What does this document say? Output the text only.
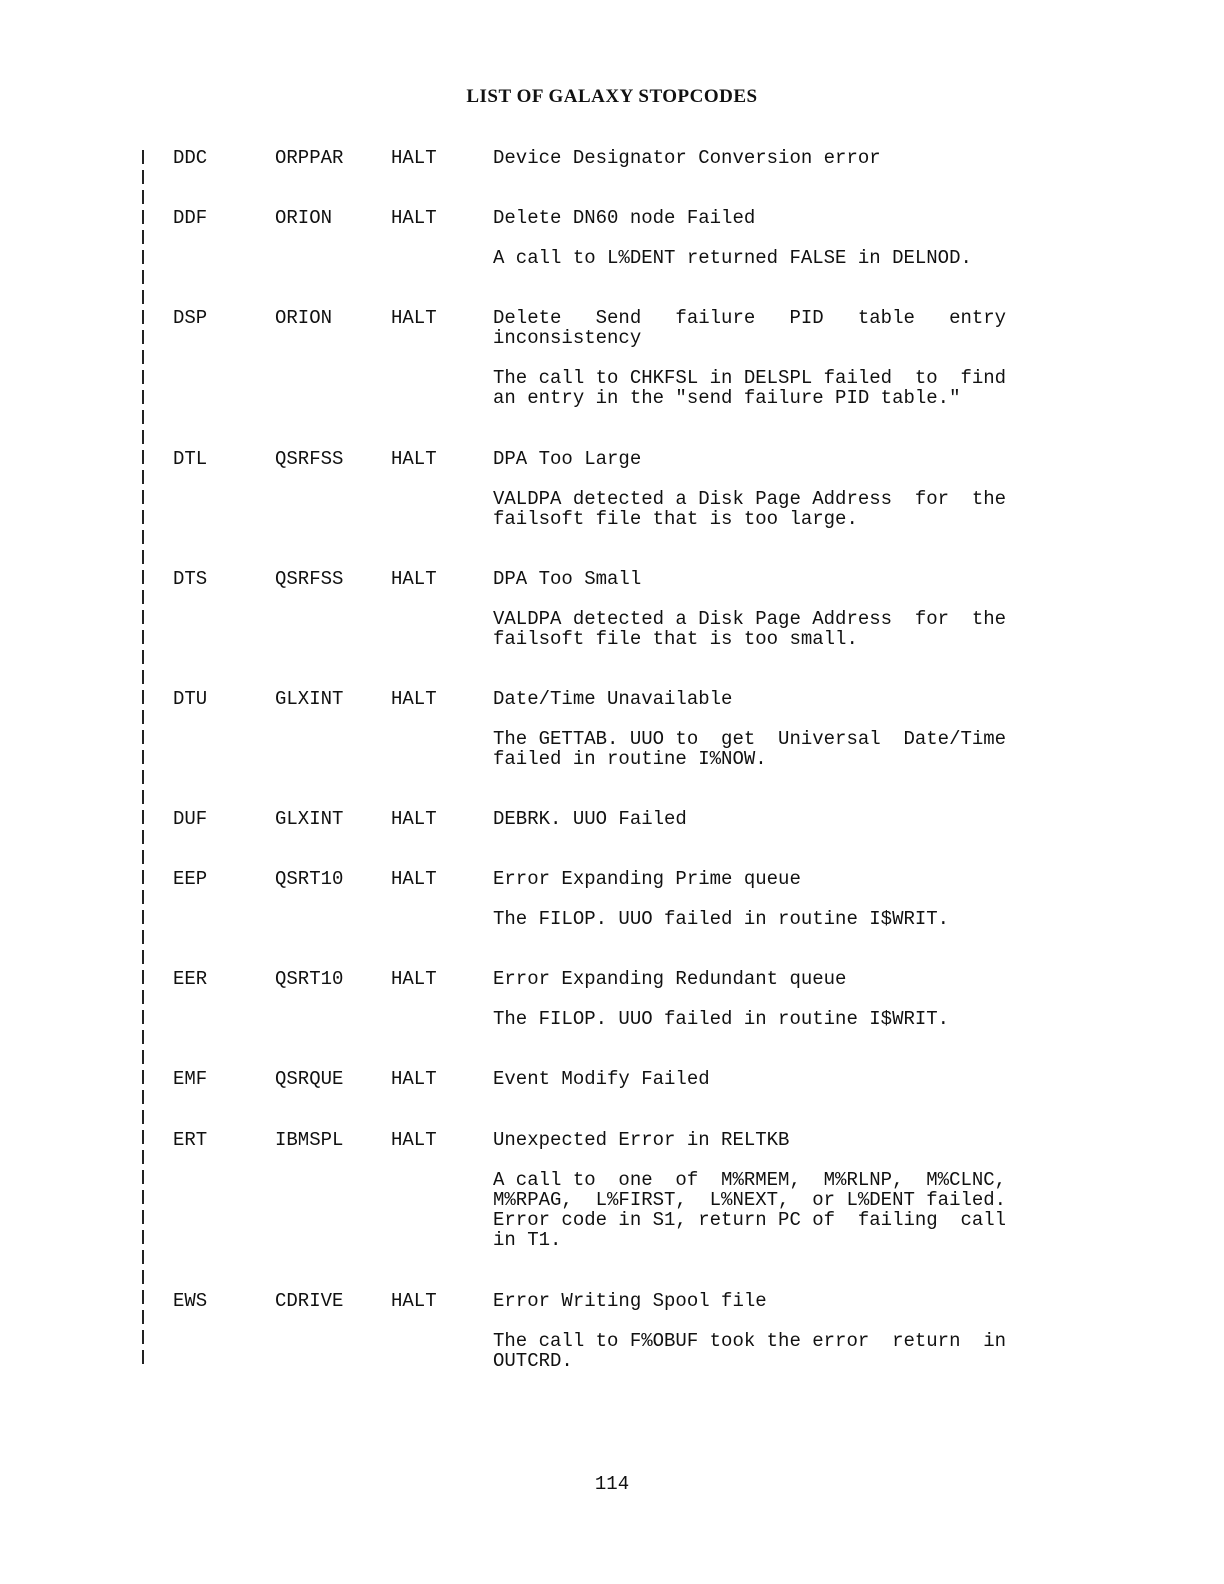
LIST OF GALAXY STOPCODES
DDC	ORPPAR	HALT	Device Designator Conversion error
DDF	ORION	HALT	Delete DN60 node Failed
A call to L%DENT returned FALSE in DELNOD.
DSP	ORION	HALT	Delete   Send   failure   PID   table   entry
inconsistency
The call to CHKFSL in DELSPL failed  to  find
an entry in the "send failure PID table."
DTL	QSRFSS	HALT	DPA Too Large
VALDPA detected a Disk Page Address  for  the
failsoft file that is too large.
DTS	QSRFSS	HALT	DPA Too Small
VALDPA detected a Disk Page Address  for  the
failsoft file that is too small.
DTU	GLXINT	HALT	Date/Time Unavailable
The GETTAB. UUO to  get  Universal  Date/Time
failed in routine I%NOW.
DUF	GLXINT	HALT	DEBRK. UUO Failed
EEP	QSRT10	HALT	Error Expanding Prime queue
The FILOP. UUO failed in routine I$WRIT.
EER	QSRT10	HALT	Error Expanding Redundant queue
The FILOP. UUO failed in routine I$WRIT.
EMF	QSRQUE	HALT	Event Modify Failed
ERT	IBMSPL	HALT	Unexpected Error in RELTKB
A call to  one  of  M%RMEM,  M%RLNP,  M%CLNC,
M%RPAG,  L%FIRST,  L%NEXT,  or L%DENT failed.
Error code in S1, return PC of  failing  call
in T1.
EWS	CDRIVE	HALT	Error Writing Spool file
The call to F%OBUF took the error  return  in
OUTCRD.
114
